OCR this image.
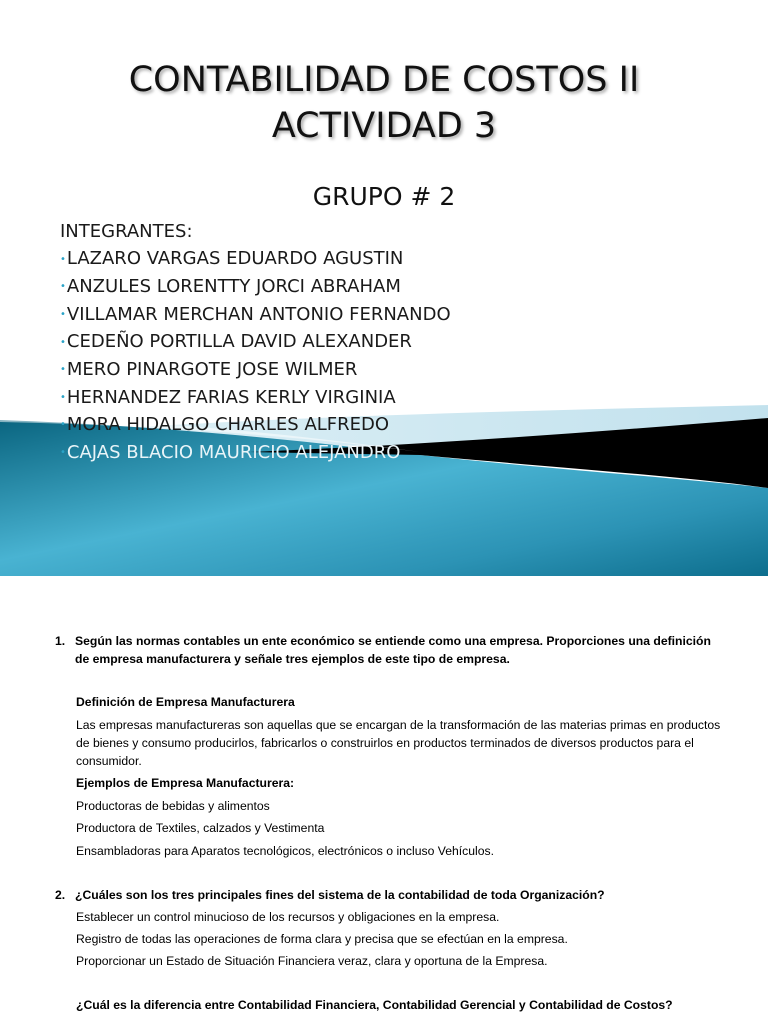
CONTABILIDAD DE COSTOS II
ACTIVIDAD 3
GRUPO # 2
INTEGRANTES:
•LAZARO VARGAS EDUARDO AGUSTIN
•ANZULES LORENTTY JORCI ABRAHAM
•VILLAMAR MERCHAN ANTONIO FERNANDO
•CEDEÑO PORTILLA DAVID ALEXANDER
•MERO PINARGOTE JOSE WILMER
•HERNANDEZ FARIAS KERLY VIRGINIA
•MORA HIDALGO CHARLES ALFREDO
•CAJAS BLACIO MAURICIO ALEJANDRO
1. Según las normas contables un ente económico se entiende como una empresa. Proporciones una definición de empresa manufacturera y señale tres ejemplos de este tipo de empresa.
Definición de Empresa Manufacturera
Las empresas manufactureras son aquellas que se encargan de la transformación de las materias primas en productos de bienes y consumo producirlos, fabricarlos o construirlos en productos terminados de diversos productos para el consumidor.
Ejemplos de Empresa Manufacturera:
Productoras de bebidas y alimentos
Productora de Textiles, calzados y Vestimenta
Ensambladoras para Aparatos tecnológicos, electrónicos o incluso Vehículos.
2. ¿Cuáles son los tres principales fines del sistema de la contabilidad de toda Organización?
Establecer un control minucioso de los recursos y obligaciones en la empresa.
Registro de todas las operaciones de forma clara y precisa que se efectúan en la empresa.
Proporcionar un Estado de Situación Financiera veraz, clara y oportuna de la Empresa.
¿Cuál es la diferencia entre Contabilidad Financiera, Contabilidad Gerencial y Contabilidad de Costos?
